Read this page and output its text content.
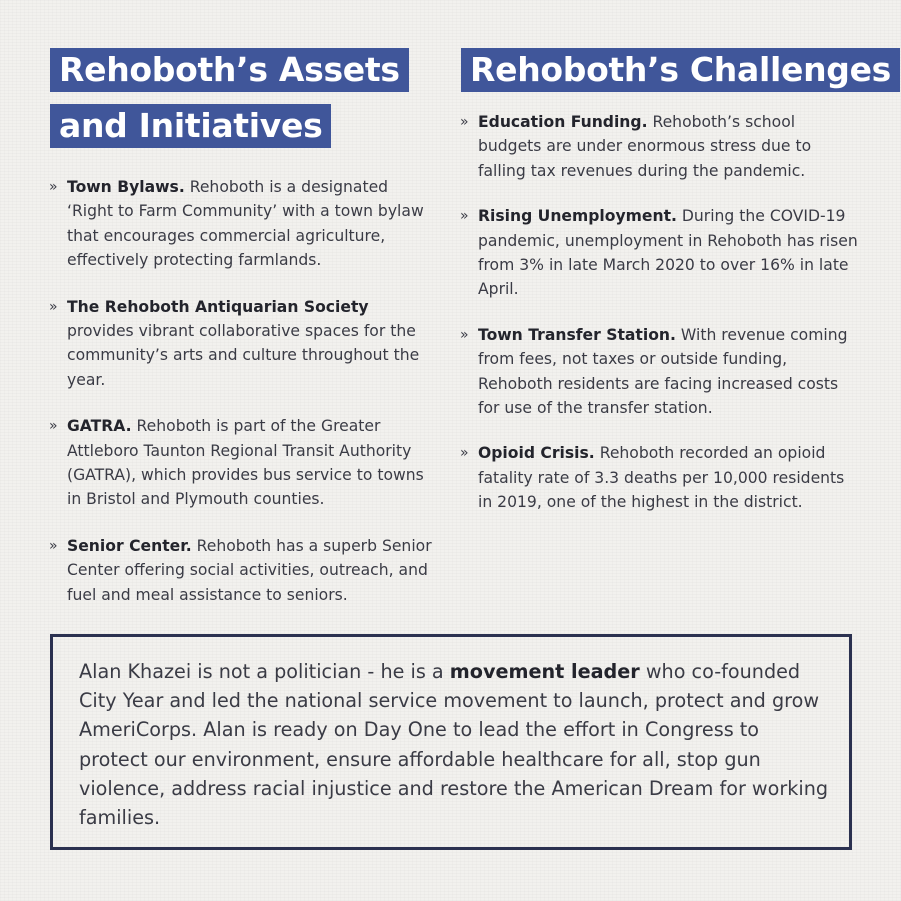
Rehoboth’s Assets
and Initiatives
» Town Bylaws. Rehoboth is a designated ‘Right to Farm Community’ with a town bylaw that encourages commercial agriculture, effectively protecting farmlands.
» The Rehoboth Antiquarian Society provides vibrant collaborative spaces for the community’s arts and culture throughout the year.
» GATRA. Rehoboth is part of the Greater Attleboro Taunton Regional Transit Authority (GATRA), which provides bus service to towns in Bristol and Plymouth counties.
» Senior Center. Rehoboth has a superb Senior Center offering social activities, outreach, and fuel and meal assistance to seniors.
Rehoboth’s Challenges
» Education Funding. Rehoboth’s school budgets are under enormous stress due to falling tax revenues during the pandemic.
» Rising Unemployment. During the COVID-19 pandemic, unemployment in Rehoboth has risen from 3% in late March 2020 to over 16% in late April.
» Town Transfer Station. With revenue coming from fees, not taxes or outside funding, Rehoboth residents are facing increased costs for use of the transfer station.
» Opioid Crisis. Rehoboth recorded an opioid fatality rate of 3.3 deaths per 10,000 residents in 2019, one of the highest in the district.
Alan Khazei is not a politician - he is a movement leader who co-founded City Year and led the national service movement to launch, protect and grow AmeriCorps. Alan is ready on Day One to lead the effort in Congress to protect our environment, ensure affordable healthcare for all, stop gun violence, address racial injustice and restore the American Dream for working families.
